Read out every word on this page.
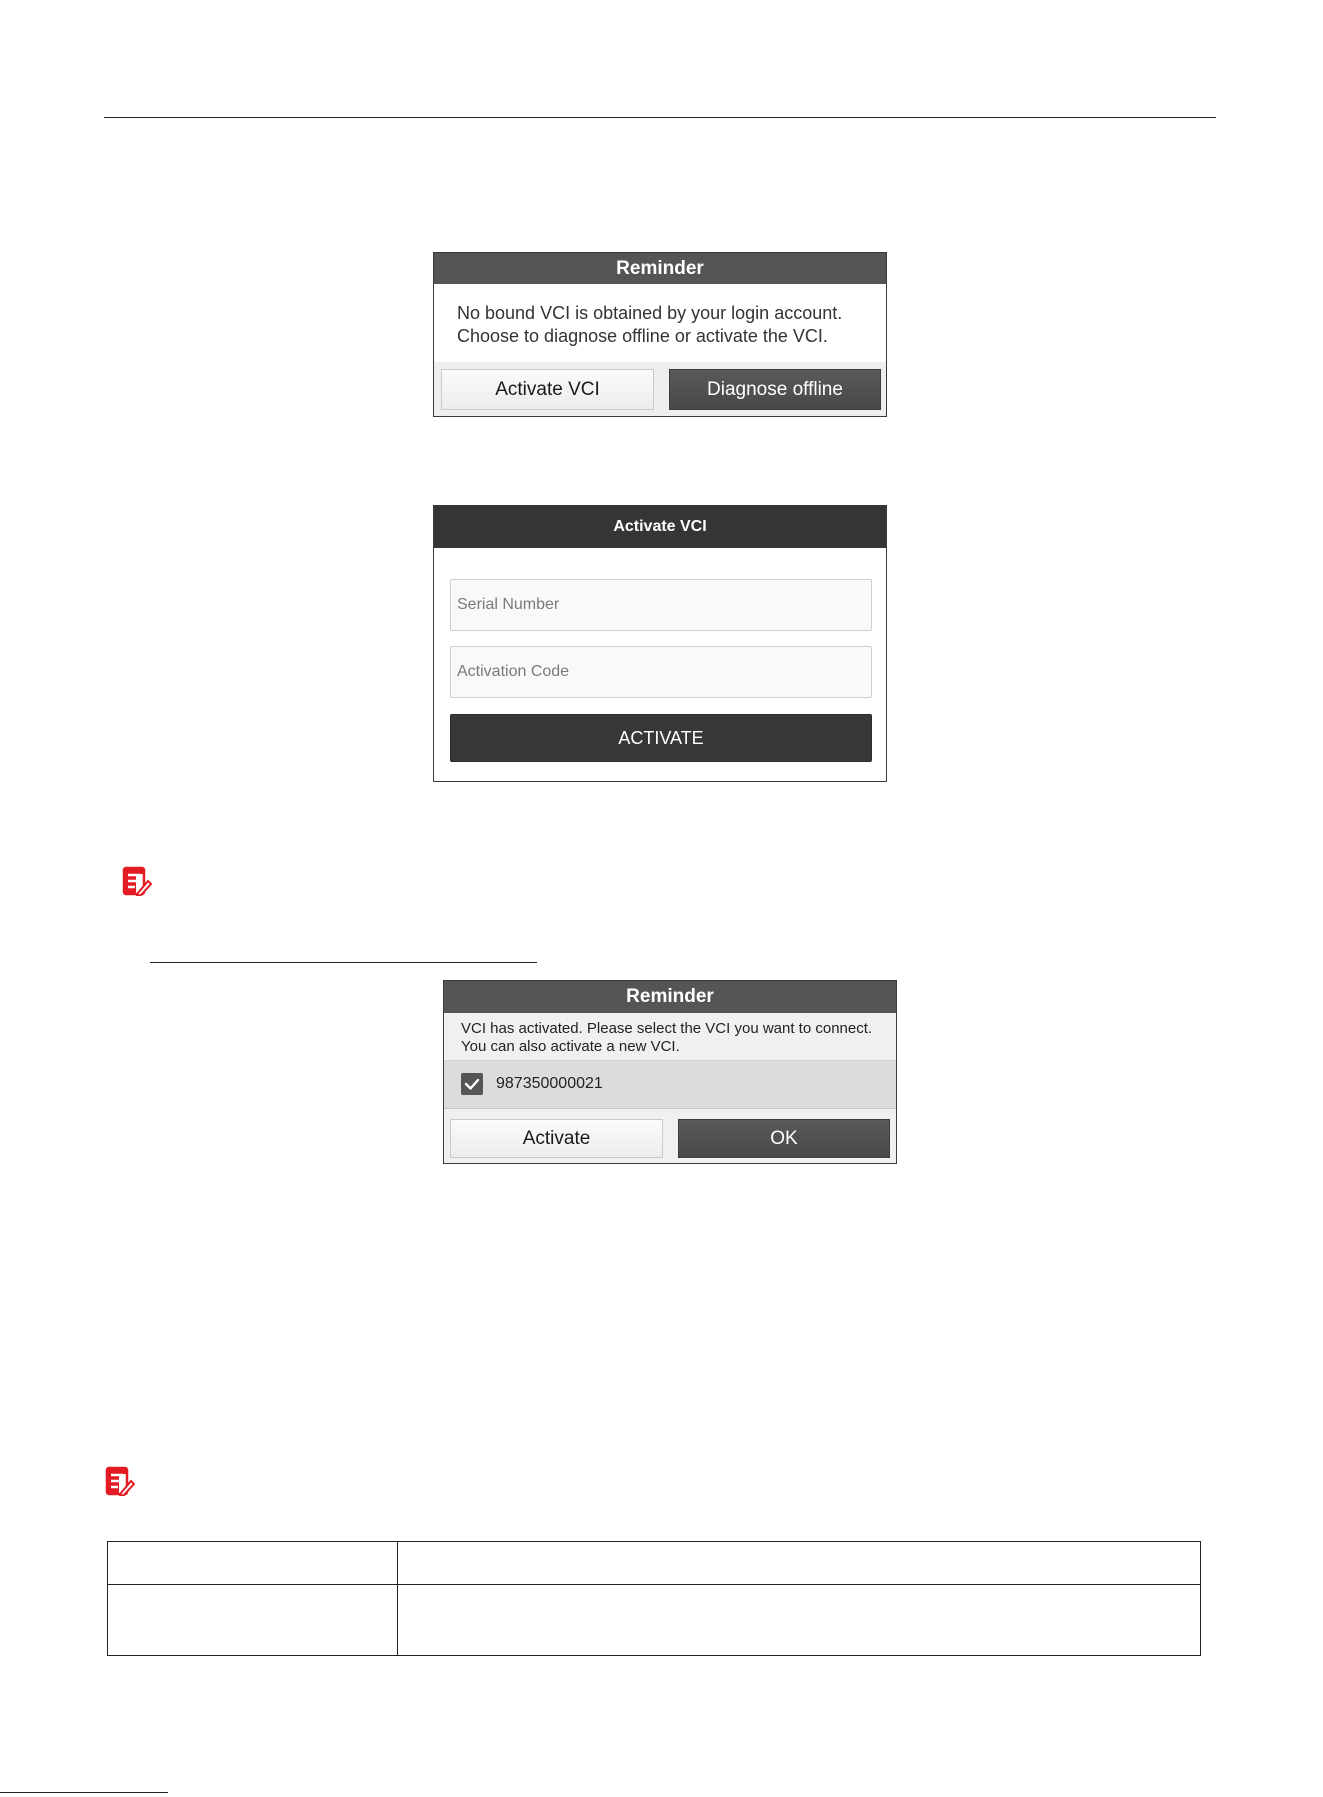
Reminder
No bound VCI is obtained by your login account.
Choose to diagnose offline or activate the VCI.
Activate VCI	Diagnose offline
Activate VCI
Serial Number
Activation Code
ACTIVATE
Reminder
VCI has activated. Please select the VCI you want to connect.
You can also activate a new VCI.
987350000021
Activate	OK
